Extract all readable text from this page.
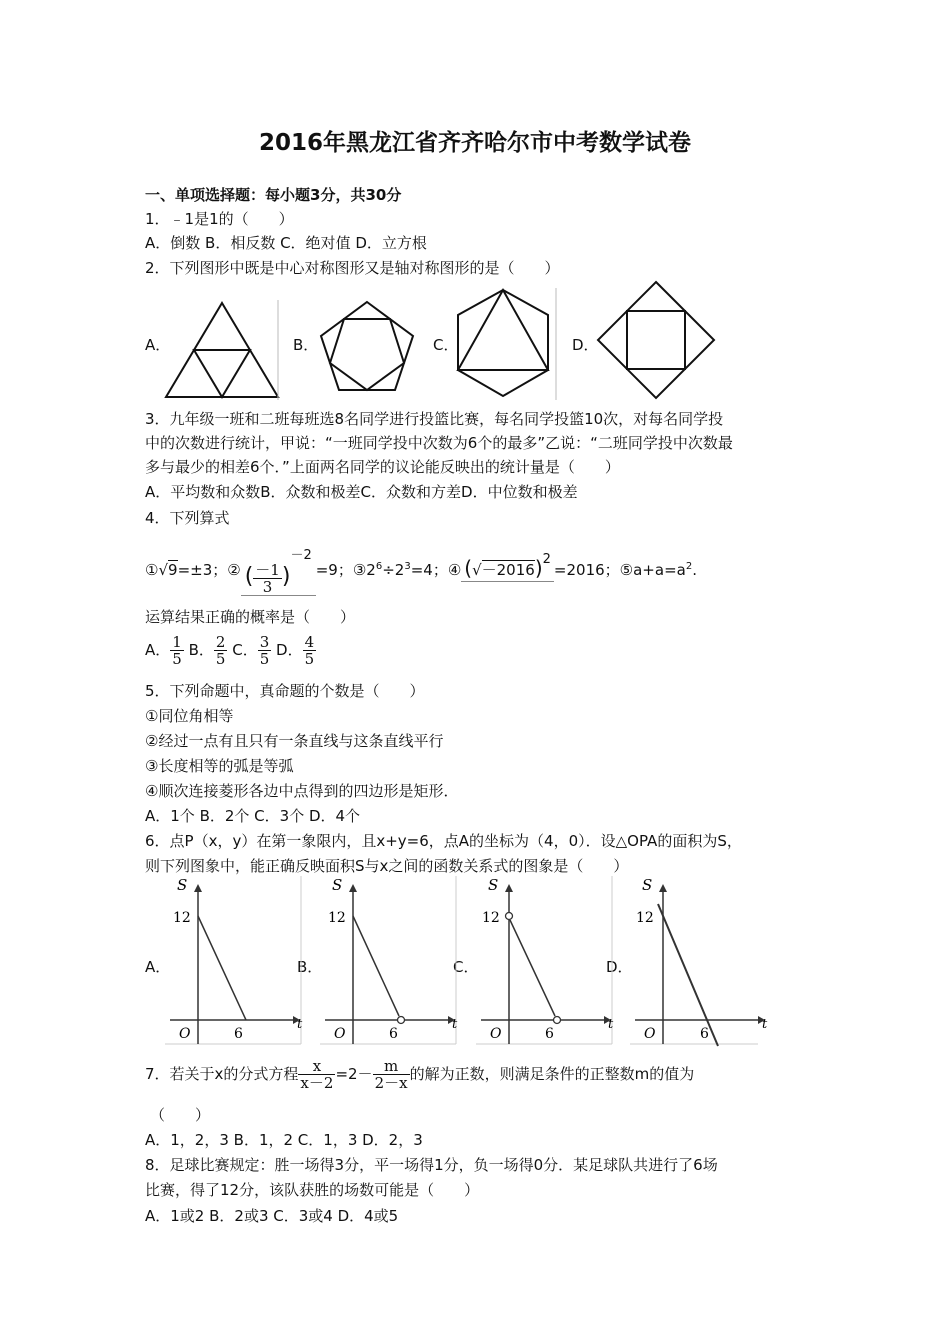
2016年黑龙江省齐齐哈尔市中考数学试卷
一、单项选择题：每小题3分，共30分
1．﹣1是1的（　　）
A．倒数 B．相反数 C．绝对值 D．立方根
2．下列图形中既是中心对称图形又是轴对称图形的是（　　）
A．	B．	C．	D．
3．九年级一班和二班每班选8名同学进行投篮比赛，每名同学投篮10次，对每名同学投
中的次数进行统计，甲说：“一班同学投中次数为6个的最多”乙说：“二班同学投中次数最
多与最少的相差6个．”上面两名同学的议论能反映出的统计量是（　　）
A．平均数和众数B．众数和极差C．众数和方差D．中位数和极差
4．下列算式
①√9=±3；② ( $\frac{-1}{3} )-2=9$；$③2^6\div 2^3=4$；④ (√－2016)2=2016；$⑤a+a=a^2$.
运算结果正确的概率是（　　）
A． $\frac{1}{5}$ B． $\frac{2}{5}$ C． $\frac{3}{5}$ D． $\frac{4}{5}$
5．下列命题中，真命题的个数是（　　）
①同位角相等
②经过一点有且只有一条直线与这条直线平行
③长度相等的弧是等弧
④顺次连接菱形各边中点得到的四边形是矩形．
A．1个 B．2个 C．3个 D．4个
6．点P（x，y）在第一象限内，且x+y=6，点A的坐标为（4，0）．设△OPA的面积为S，
则下列图象中，能正确反映面积S与x之间的函数关系式的图象是（　　）
A．	B．	C．	D．
S
t
O
12
6
S
t
O
12
6
S
t
O
12
6
S
t
O
12
6
7．若关于x的分式方程 $\frac{x}{x-2} =2- \frac{m}{2-x}$ 的解为正数，则满足条件的正整数m的值为
（　　）
A．1，2，3 B．1，2 C．1，3 D．2，3
8．足球比赛规定：胜一场得3分，平一场得1分，负一场得0分．某足球队共进行了6场
比赛，得了12分，该队获胜的场数可能是（　　）
A．1或2 B．2或3 C．3或4 D．4或5
